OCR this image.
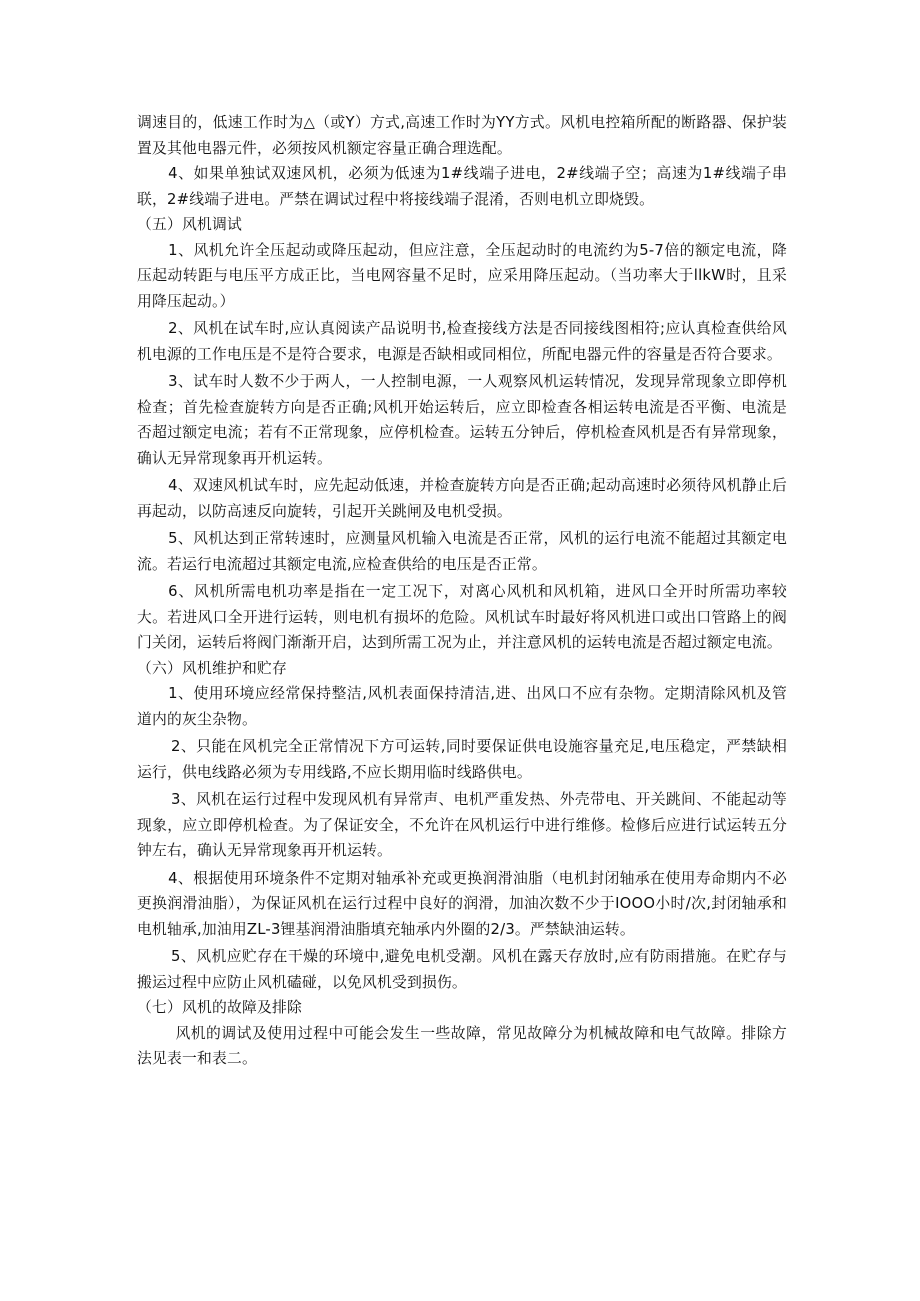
调速目的，低速工作时为△（或Y）方式,高速工作时为YY方式。风机电控箱所配的断路器、保护装置及其他电器元件，必须按风机额定容量正确合理选配。

4、如果单独试双速风机，必须为低速为1#线端子进电，2#线端子空；高速为1#线端子串联，2#线端子进电。严禁在调试过程中将接线端子混淆，否则电机立即烧毁。

（五）风机调试

1、风机允许全压起动或降压起动，但应注意，全压起动时的电流约为5-7倍的额定电流，降压起动转距与电压平方成正比，当电网容量不足时，应采用降压起动。（当功率大于llkW时，且采用降压起动。）

2、风机在试车时,应认真阅读产品说明书,检查接线方法是否同接线图相符;应认真检查供给风机电源的工作电压是不是符合要求，电源是否缺相或同相位，所配电器元件的容量是否符合要求。

3、试车时人数不少于两人，一人控制电源，一人观察风机运转情况，发现异常现象立即停机检查；首先检查旋转方向是否正确;风机开始运转后，应立即检查各相运转电流是否平衡、电流是否超过额定电流；若有不正常现象，应停机检查。运转五分钟后，停机检查风机是否有异常现象，确认无异常现象再开机运转。

4、双速风机试车时，应先起动低速，并检查旋转方向是否正确;起动高速时必须待风机静止后再起动，以防高速反向旋转，引起开关跳闸及电机受损。

5、风机达到正常转速时，应测量风机输入电流是否正常，风机的运行电流不能超过其额定电流。若运行电流超过其额定电流,应检查供给的电压是否正常。

6、风机所需电机功率是指在一定工况下，对离心风机和风机箱，进风口全开时所需功率较大。若进风口全开进行运转，则电机有损坏的危险。风机试车时最好将风机进口或出口管路上的阀门关闭，运转后将阀门渐渐开启，达到所需工况为止，并注意风机的运转电流是否超过额定电流。

（六）风机维护和贮存

1、使用环境应经常保持整洁,风机表面保持清洁,进、出风口不应有杂物。定期清除风机及管道内的灰尘杂物。

2、只能在风机完全正常情况下方可运转,同时要保证供电设施容量充足,电压稳定，严禁缺相运行，供电线路必须为专用线路,不应长期用临时线路供电。

3、风机在运行过程中发现风机有异常声、电机严重发热、外壳带电、开关跳间、不能起动等现象，应立即停机检查。为了保证安全，不允许在风机运行中进行维修。检修后应进行试运转五分钟左右，确认无异常现象再开机运转。

4、根据使用环境条件不定期对轴承补充或更换润滑油脂（电机封闭轴承在使用寿命期内不必更换润滑油脂），为保证风机在运行过程中良好的润滑，加油次数不少于IOOO小时/次,封闭轴承和电机轴承,加油用ZL-3锂基润滑油脂填充轴承内外圈的2/3。严禁缺油运转。

5、风机应贮存在干燥的环境中,避免电机受潮。风机在露天存放时,应有防雨措施。在贮存与搬运过程中应防止风机磕碰，以免风机受到损伤。

（七）风机的故障及排除

风机的调试及使用过程中可能会发生一些故障，常见故障分为机械故障和电气故障。排除方法见表一和表二。
